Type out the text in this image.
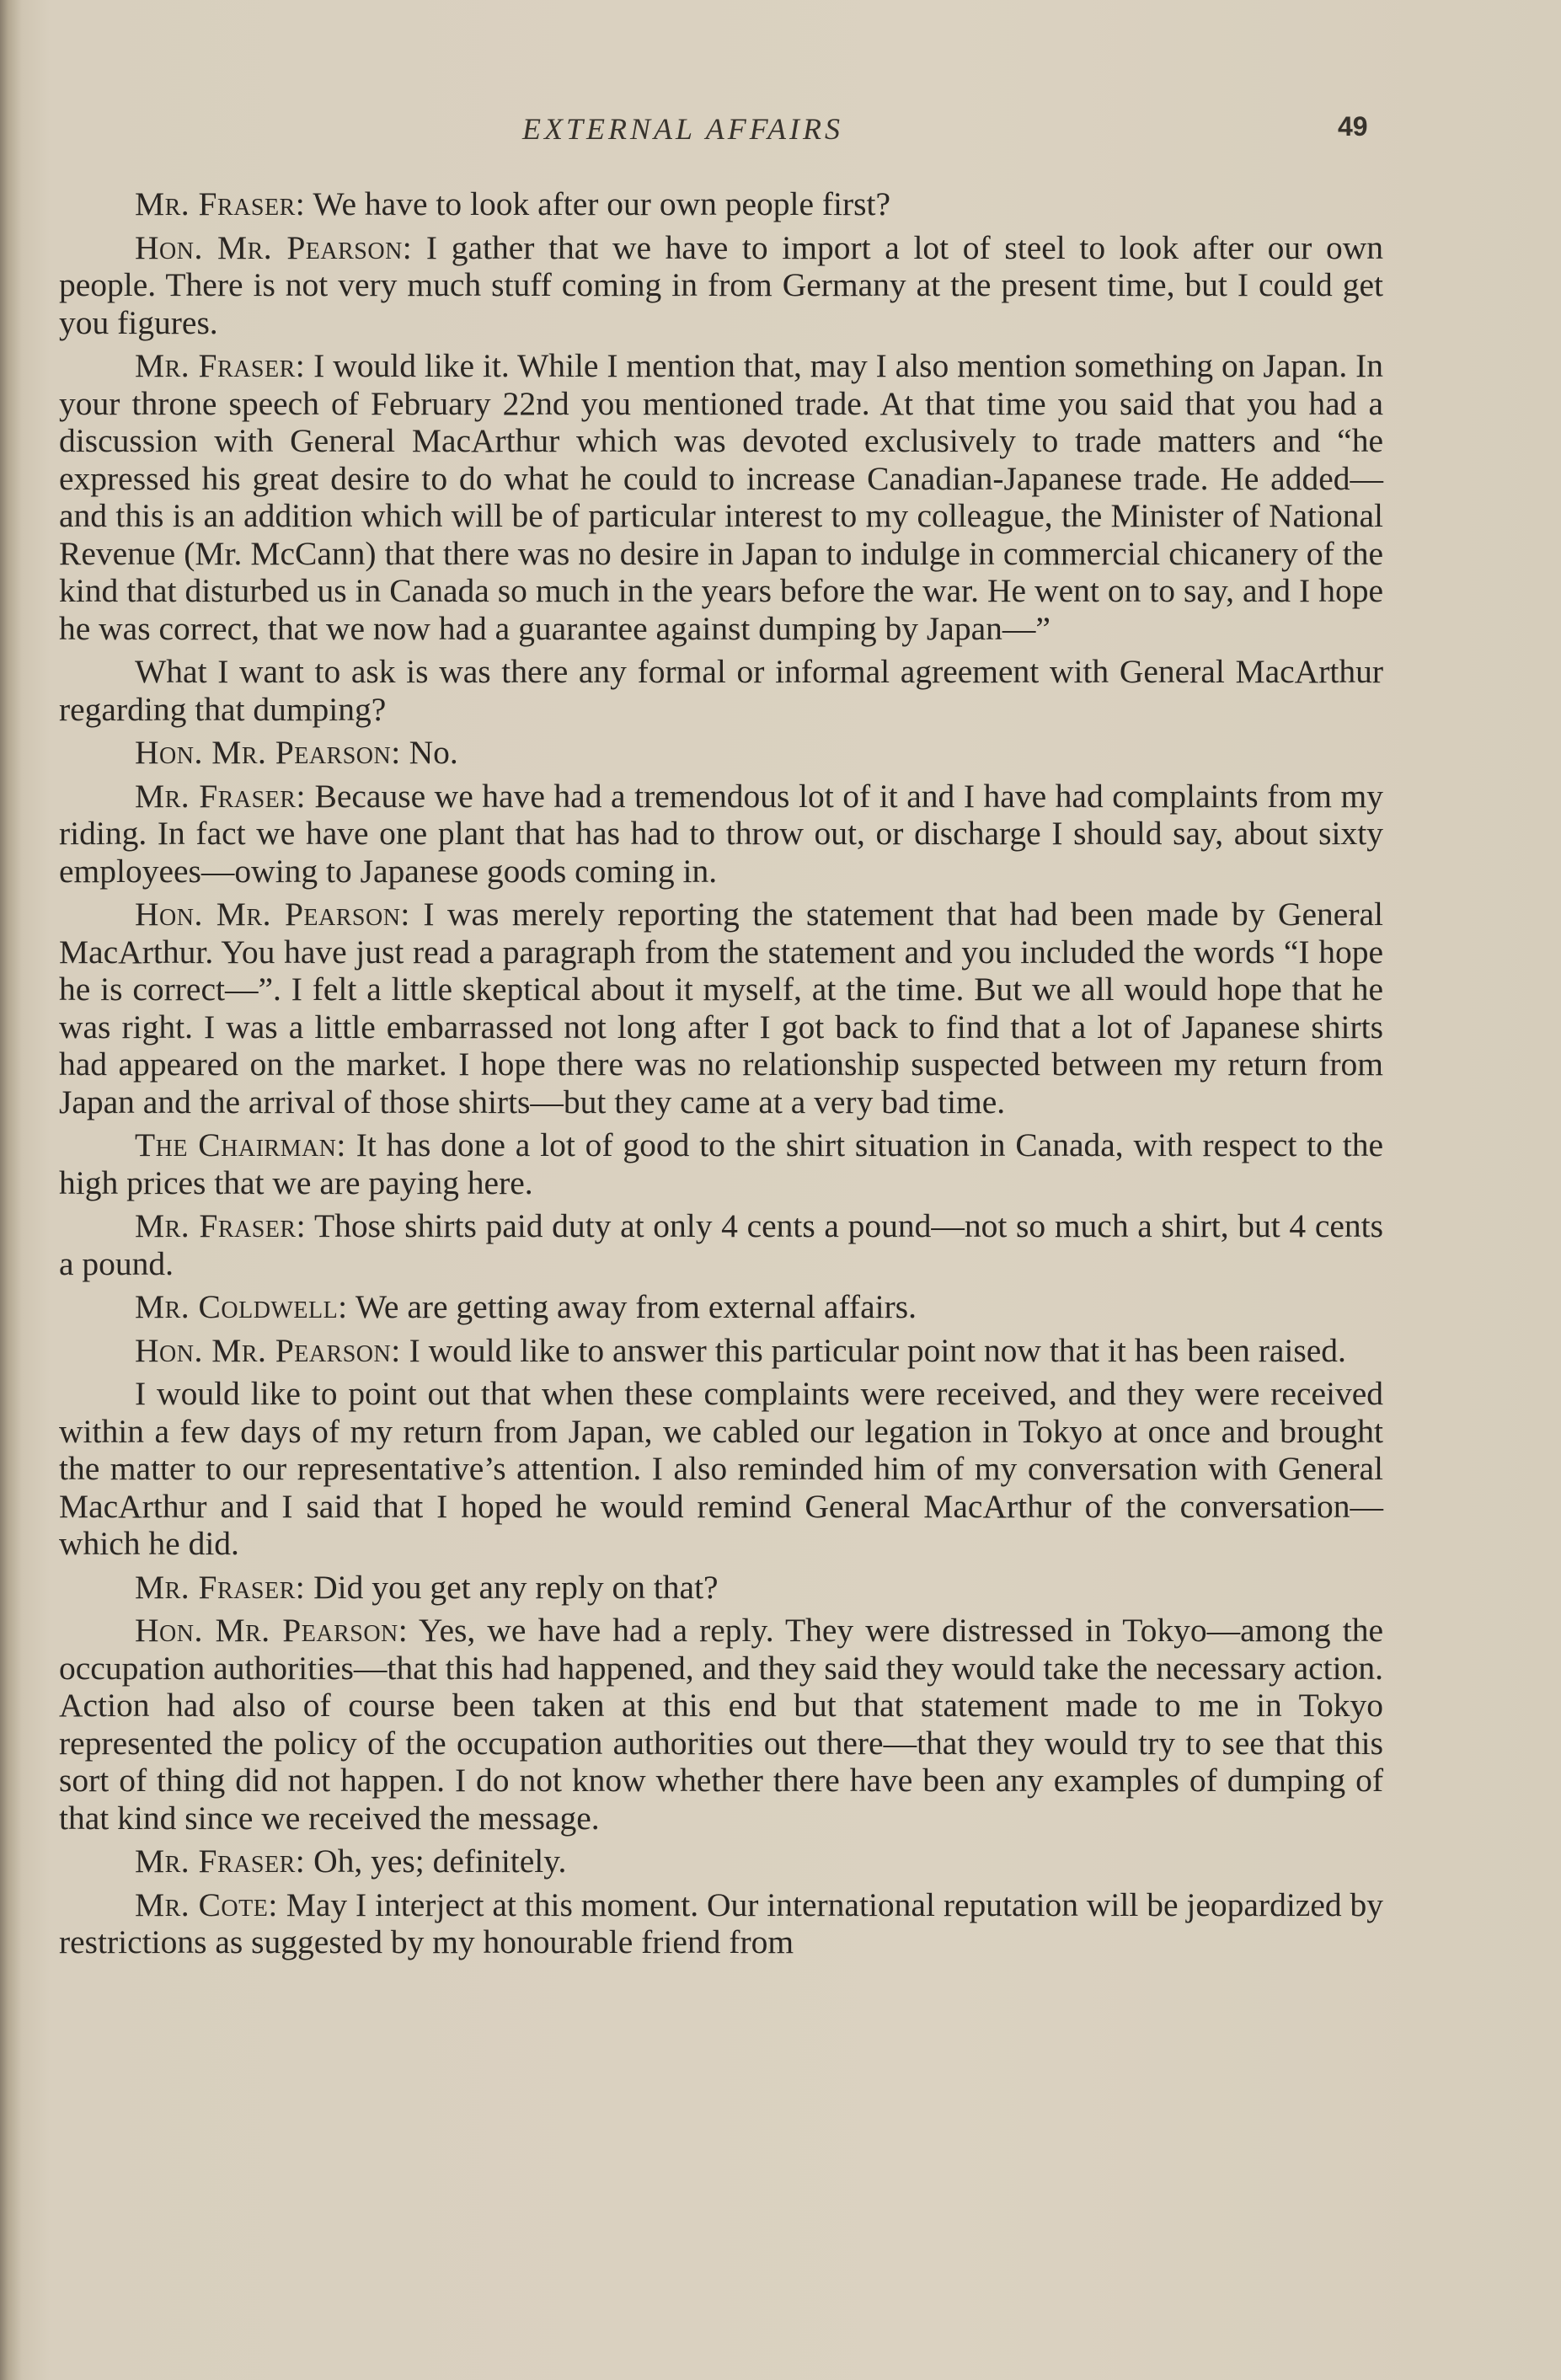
EXTERNAL AFFAIRS	49

Mr. Fraser: We have to look after our own people first?

Hon. Mr. Pearson: I gather that we have to import a lot of steel to look after our own people. There is not very much stuff coming in from Germany at the present time, but I could get you figures.

Mr. Fraser: I would like it. While I mention that, may I also mention something on Japan. In your throne speech of February 22nd you mentioned trade. At that time you said that you had a discussion with General MacArthur which was devoted exclusively to trade matters and “he expressed his great desire to do what he could to increase Canadian-Japanese trade. He added—and this is an addition which will be of particular interest to my colleague, the Minister of National Revenue (Mr. McCann) that there was no desire in Japan to indulge in commercial chicanery of the kind that disturbed us in Canada so much in the years before the war. He went on to say, and I hope he was correct, that we now had a guarantee against dumping by Japan—”

What I want to ask is was there any formal or informal agreement with General MacArthur regarding that dumping?

Hon. Mr. Pearson: No.

Mr. Fraser: Because we have had a tremendous lot of it and I have had complaints from my riding. In fact we have one plant that has had to throw out, or discharge I should say, about sixty employees—owing to Japanese goods coming in.

Hon. Mr. Pearson: I was merely reporting the statement that had been made by General MacArthur. You have just read a paragraph from the statement and you included the words “I hope he is correct—”. I felt a little skeptical about it myself, at the time. But we all would hope that he was right. I was a little embarrassed not long after I got back to find that a lot of Japanese shirts had appeared on the market. I hope there was no relationship suspected between my return from Japan and the arrival of those shirts—but they came at a very bad time.

The Chairman: It has done a lot of good to the shirt situation in Canada, with respect to the high prices that we are paying here.

Mr. Fraser: Those shirts paid duty at only 4 cents a pound—not so much a shirt, but 4 cents a pound.

Mr. Coldwell: We are getting away from external affairs.

Hon. Mr. Pearson: I would like to answer this particular point now that it has been raised.

I would like to point out that when these complaints were received, and they were received within a few days of my return from Japan, we cabled our legation in Tokyo at once and brought the matter to our representative’s attention. I also reminded him of my conversation with General MacArthur and I said that I hoped he would remind General MacArthur of the conversation—which he did.

Mr. Fraser: Did you get any reply on that?

Hon. Mr. Pearson: Yes, we have had a reply. They were distressed in Tokyo—among the occupation authorities—that this had happened, and they said they would take the necessary action. Action had also of course been taken at this end but that statement made to me in Tokyo represented the policy of the occupation authorities out there—that they would try to see that this sort of thing did not happen. I do not know whether there have been any examples of dumping of that kind since we received the message.

Mr. Fraser: Oh, yes; definitely.

Mr. Cote: May I interject at this moment. Our international reputation will be jeopardized by restrictions as suggested by my honourable friend from
